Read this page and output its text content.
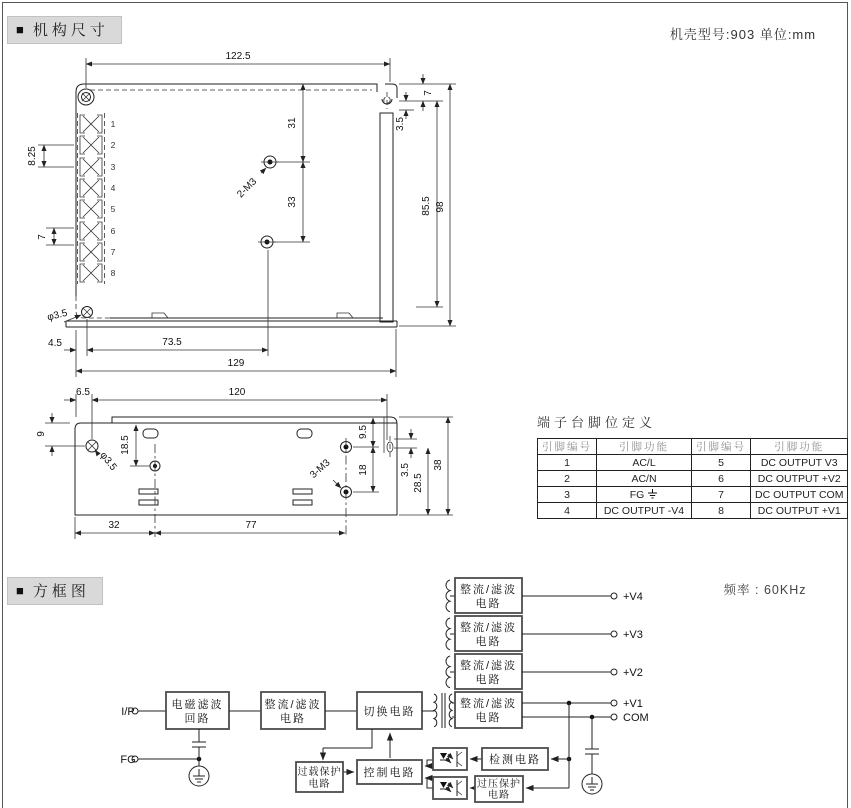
■ 机构尺寸	机壳型号:903 单位:mm
■ 方框图	频率 : 60KHz
端子台脚位定义
引脚编号	引脚功能	引脚编号	引脚功能
1	AC/L	5	DC OUTPUT V3
2	AC/N	6	DC OUTPUT +V2
3	FG	7	DC OUTPUT COM
4	DC OUTPUT -V4	8	DC OUTPUT +V1
1
2
3
4
5
6
7
8
122.5
7
3.5
31
33	85.5 98
8.25
7
φ3.5
2-M3
4.5	73.5
129
6.5	120
9
φ3.5
18.5
9.5
18
3-M3	3.5
28.5
38
32	77
I/P
FG
电磁滤波
回路
整流/滤波
电路
切换电路
整流/滤波
电路
整流/滤波
电路
整流/滤波
电路
整流/滤波
电路
+V4
+V3
+V2
+V1
COM
过载保护
电路
控制电路
检测电路
过压保护
电路
